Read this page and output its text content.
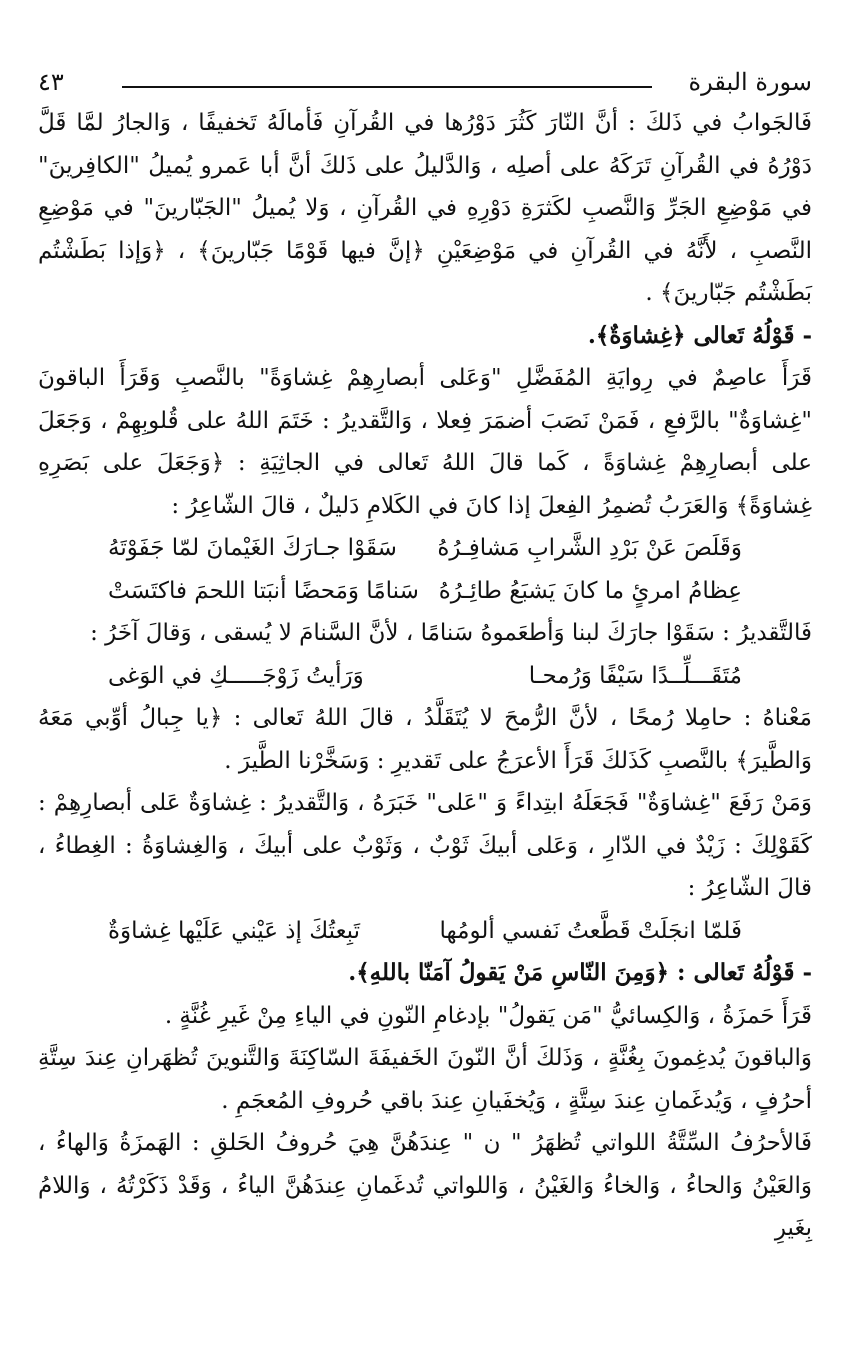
سورة البقرة
٤٣

فَالجَوابُ في ذَلكَ : أنَّ النّارَ كَثُرَ دَوْرُها في القُرآنِ فَأمالَهُ تَخفيفًا ، وَالجارُ لمَّا قَلَّ دَوْرُهُ في القُرآنِ تَرَكَهُ على أصلِه ، وَالدَّليلُ على ذَلكَ أنَّ أبا عَمرو يُميلُ "الكافِرينَ" في مَوْضِعِ الجَرِّ وَالنَّصبِ لكَثرَةِ دَوْرِهِ في القُرآنِ ، وَلا يُميلُ "الجَبّارينَ" في مَوْضِعِ النَّصبِ ، لأَنَّهُ في القُرآنِ في مَوْضِعَيْنِ ﴿إنَّ فيها قَوْمًا جَبّارينَ﴾ ، ﴿وَإذا بَطَشْتُم بَطَشْتُم جَبّارينَ﴾ .

- قَوْلُهُ تَعالى ﴿غِشاوَةٌ﴾.

قَرَأَ عاصِمٌ في رِوايَةِ المُفَضَّلِ "وَعَلى أبصارِهِمْ غِشاوَةً" بالنَّصبِ وَقَرَأَ الباقونَ "غِشاوَةٌ" بالرَّفعِ ، فَمَنْ نَصَبَ أضمَرَ فِعلا ، وَالتَّقديرُ : خَتَمَ اللهُ على قُلوبِهِمْ ، وَجَعَلَ على أبصارِهِمْ غِشاوَةً ، كَما قالَ اللهُ تَعالى في الجاثِيَةِ : ﴿وَجَعَلَ على بَصَرِهِ غِشاوَةً﴾ وَالعَرَبُ تُضمِرُ الفِعلَ إذا كانَ في الكَلامِ دَليلٌ ، قالَ الشّاعِرُ :

سَقَوْا جـارَكَ الغَيْمانَ لمّا جَفَوْتَهُ وَقَلَصَ عَنْ بَرْدِ الشَّرابِ مَشافِـرُهُ
سَنامًا وَمَحضًا أنبَتا اللحمَ فاكتَسَتْ عِظامُ امرئٍ ما كانَ يَشبَعُ طائِـرُهُ

فَالتَّقديرُ : سَقَوْا جارَكَ لبنا وَأطعَموهُ سَنامًا ، لأنَّ السَّنامَ لا يُسقى ، وَقالَ آخَرُ :

وَرَأيتُ زَوْجَـــــكِ في الوَغى	مُتَقَـــلِّــدًا سَيْفًا وَرُمحـا

مَعْناهُ : حامِلا رُمحًا ، لأنَّ الرُّمحَ لا يُتَقَلَّدُ ، قالَ اللهُ تَعالى : ﴿يا جِبالُ أوِّبي مَعَهُ وَالطَّيرَ﴾ بالنَّصبِ كَذَلكَ قَرَأَ الأعرَجُ على تَقديرِ : وَسَخَّرْنا الطَّيرَ .

وَمَنْ رَفَعَ "غِشاوَةٌ" فَجَعَلَهُ ابتِداءً وَ "عَلى" خَبَرَهُ ، وَالتَّقديرُ : غِشاوَةٌ عَلى أبصارِهِمْ : كَقَوْلِكَ : زَيْدٌ في الدّارِ ، وَعَلى أبيكَ ثَوْبٌ ، وَثَوْبٌ على أبيكَ ، وَالغِشاوَةُ : الغِطاءُ ، قالَ الشّاعِرُ :

تَبِعتُكَ إذ عَيْني عَلَيْها غِشاوَةٌ	فَلمّا انجَلَتْ قَطَّعتُ نَفسي ألومُها

- قَوْلُهُ تَعالى : ﴿وَمِنَ النّاسِ مَنْ يَقولُ آمَنّا باللهِ﴾.

قَرَأَ حَمزَةُ ، وَالكِسائيُّ "مَن يَقولُ" بإدغامِ النّونِ في الياءِ مِنْ غَيرِ غُنَّةٍ .

وَالباقونَ يُدغِمونَ بِغُنَّةٍ ، وَذَلكَ أنَّ النّونَ الخَفيفَةَ السّاكِنَةَ وَالتَّنوينَ تُظهَرانِ عِندَ سِتَّةِ أحرُفٍ ، وَيُدغَمانِ عِندَ سِتَّةٍ ، وَيُخفَيانِ عِندَ باقي حُروفِ المُعجَمِ .

فَالأحرُفُ السِّتَّةُ اللواتي تُظهَرُ " ن " عِندَهُنَّ هِيَ حُروفُ الحَلقِ : الهَمزَةُ وَالهاءُ ، وَالعَيْنُ وَالحاءُ ، وَالخاءُ وَالغَيْنُ ، وَاللواتي تُدغَمانِ عِندَهُنَّ الياءُ ، وَقَدْ ذَكَرْتُهُ ، وَاللامُ بِغَيرِ
